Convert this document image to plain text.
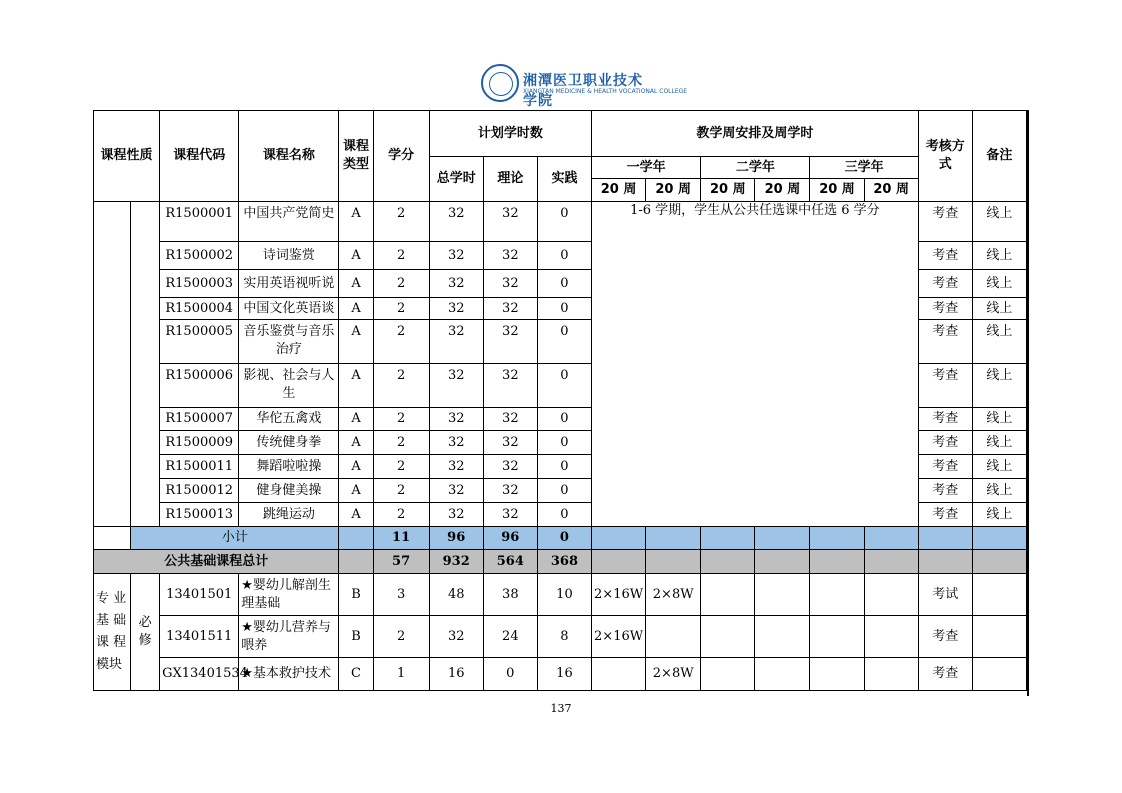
湘潭医卫职业技术学院
XIANGTAN MEDICINE & HEALTH VOCATIONAL COLLEGE
课程性质		课程代码	课程名称	课程类型	学分	计划学时数			教学周安排及周学时						考核方式	备注
						总学时	理论	实践	一学年		二学年		三学年			
									20 周	20 周	20 周	20 周	20 周	20 周		
		R1500001	中国共产党简史	A	2	32	32	0	1-6 学期，学生从公共任选课中任选 6 学分						考查	线上
		R1500002	诗词鉴赏	A	2	32	32	0							考查	线上
		R1500003	实用英语视听说	A	2	32	32	0							考查	线上
		R1500004	中国文化英语谈	A	2	32	32	0							考查	线上
		R1500005	音乐鉴赏与音乐治疗	A	2	32	32	0							考查	线上
		R1500006	影视、社会与人生	A	2	32	32	0							考查	线上
		R1500007	华佗五禽戏	A	2	32	32	0							考查	线上
		R1500009	传统健身拳	A	2	32	32	0							考查	线上
		R1500011	舞蹈啦啦操	A	2	32	32	0							考查	线上
		R1500012	健身健美操	A	2	32	32	0							考查	线上
		R1500013	跳绳运动	A	2	32	32	0							考查	线上
	小计				11	96	96	0								
公共基础课程总计					57	932	564	368								
专 业 基 础 课 程 模块	必修	13401501	★婴幼儿解剖生理基础	B	3	48	38	10	2×16W	2×8W					考试	
		13401511	★婴幼儿营养与喂养	B	2	32	24	8	2×16W						考查	
		GX13401534	★基本救护技术	C	1	16	0	16		2×8W					考查	
137
